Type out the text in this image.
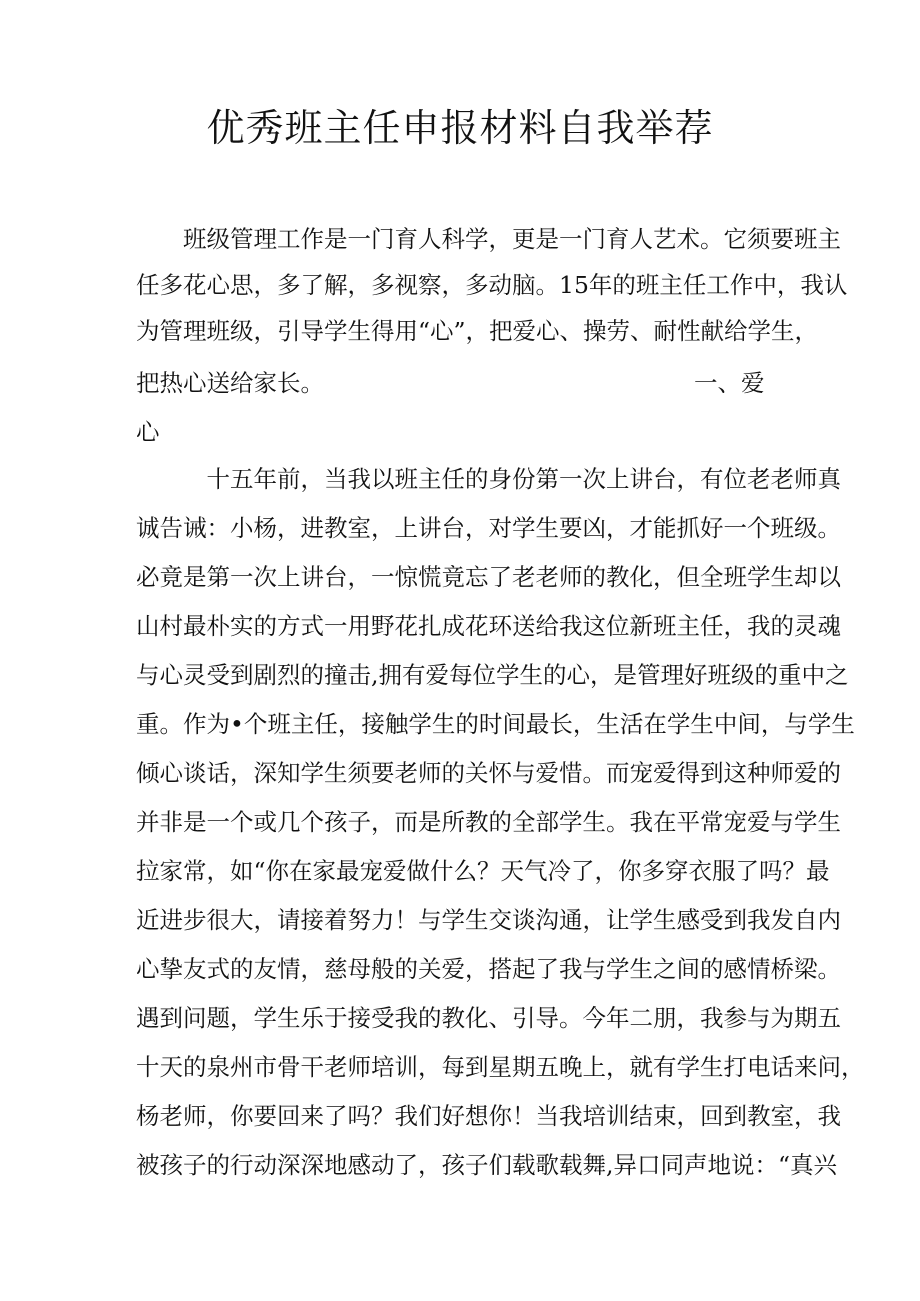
优秀班主任申报材料自我举荐

　　班级管理工作是一门育人科学，更是一门育人艺术。它须要班主

任多花心思，多了解，多视察，多动脑。15年的班主任工作中，我认

为管理班级，引导学生得用“心”，把爱心、操劳、耐性献给学生，

把热心送给家长。	一、爱

心

　　　十五年前，当我以班主任的身份第一次上讲台，有位老老师真

诚告诫：小杨，进教室，上讲台，对学生要凶，才能抓好一个班级。

必竟是第一次上讲台，一惊慌竟忘了老老师的教化，但全班学生却以

山村最朴实的方式一用野花扎成花环送给我这位新班主任，我的灵魂

与心灵受到剧烈的撞击,拥有爱每位学生的心，是管理好班级的重中之

重。作为•个班主任，接触学生的时间最长，生活在学生中间，与学生

倾心谈话，深知学生须要老师的关怀与爱惜。而宠爱得到这种师爱的

并非是一个或几个孩子，而是所教的全部学生。我在平常宠爱与学生

拉家常，如“你在家最宠爱做什么？天气冷了，你多穿衣服了吗？最

近进步很大，请接着努力！与学生交谈沟通，让学生感受到我发自内

心挚友式的友情，慈母般的关爱，搭起了我与学生之间的感情桥梁。

遇到问题，学生乐于接受我的教化、引导。今年二朋，我参与为期五

十天的泉州市骨干老师培训，每到星期五晚上，就有学生打电话来问，

杨老师，你要回来了吗？我们好想你！当我培训结束，回到教室，我

被孩子的行动深深地感动了，孩子们载歌载舞,异口同声地说：“真兴
